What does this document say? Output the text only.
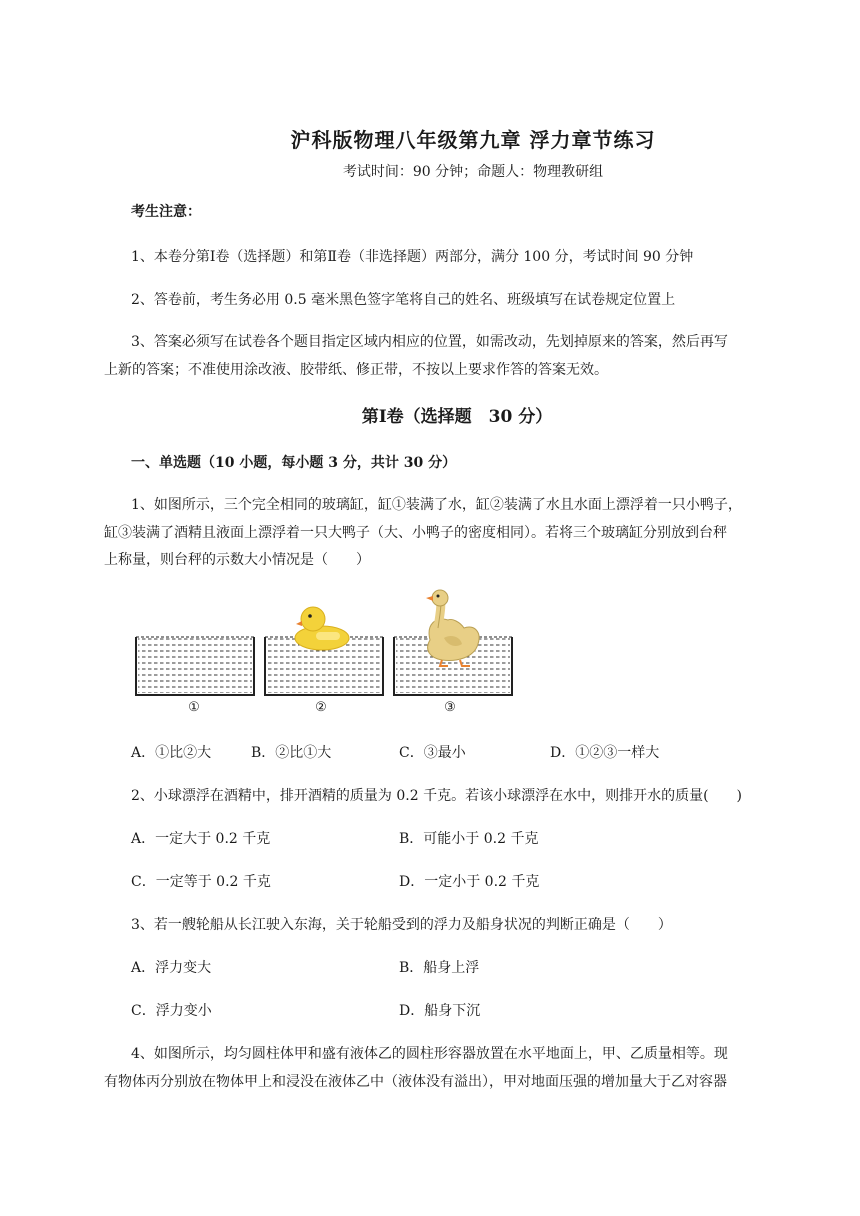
沪科版物理八年级第九章 浮力章节练习
考试时间：90 分钟；命题人：物理教研组
考生注意：
1、本卷分第Ⅰ卷（选择题）和第Ⅱ卷（非选择题）两部分，满分 100 分，考试时间 90 分钟
2、答卷前，考生务必用 0.5 毫米黑色签字笔将自己的姓名、班级填写在试卷规定位置上
3、答案必须写在试卷各个题目指定区域内相应的位置，如需改动，先划掉原来的答案，然后再写
上新的答案；不准使用涂改液、胶带纸、修正带，不按以上要求作答的答案无效。
第Ⅰ卷（选择题　30 分）
一、单选题（10 小题，每小题 3 分，共计 30 分）
1、如图所示，三个完全相同的玻璃缸，缸①装满了水，缸②装满了水且水面上漂浮着一只小鸭子，
缸③装满了酒精且液面上漂浮着一只大鸭子（大、小鸭子的密度相同）。若将三个玻璃缸分别放到台秤
上称量，则台秤的示数大小情况是（　　）
①	②	③
A．①比②大	B．②比①大	C．③最小	D．①②③一样大
2、小球漂浮在酒精中，排开酒精的质量为 0.2 千克。若该小球漂浮在水中，则排开水的质量(　　)
A．一定大于 0.2 千克	B．可能小于 0.2 千克
C．一定等于 0.2 千克	D．一定小于 0.2 千克
3、若一艘轮船从长江驶入东海，关于轮船受到的浮力及船身状况的判断正确是（　　）
A．浮力变大	B．船身上浮
C．浮力变小	D．船身下沉
4、如图所示，均匀圆柱体甲和盛有液体乙的圆柱形容器放置在水平地面上，甲、乙质量相等。现
有物体丙分别放在物体甲上和浸没在液体乙中（液体没有溢出），甲对地面压强的增加量大于乙对容器
